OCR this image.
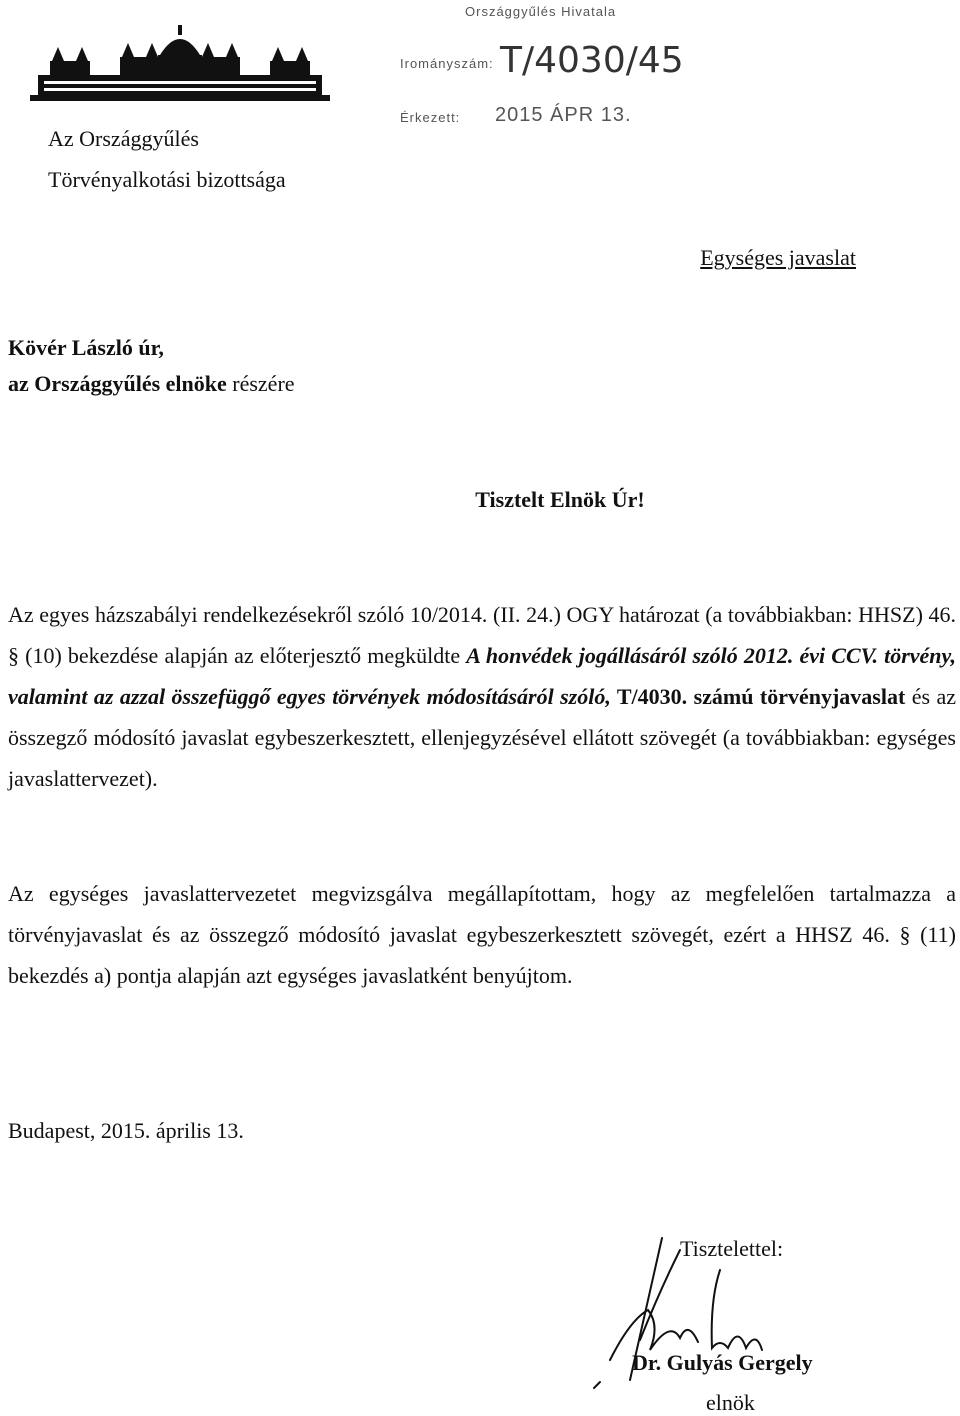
Az Országgyűlés
Törvényalkotási bizottsága
Országgyűlés Hivatala
Irományszám: T/4030/45
Érkezett: 2015 ÁPR 13.
Egységes javaslat
Kövér László úr,
az Országgyűlés elnöke részére
Tisztelt Elnök Úr!
Az egyes házszabályi rendelkezésekről szóló 10/2014. (II. 24.) OGY határozat (a továbbiakban: HHSZ) 46. § (10) bekezdése alapján az előterjesztő megküldte A honvédek jogállásáról szóló 2012. évi CCV. törvény, valamint az azzal összefüggő egyes törvények módosításáról szóló, T/4030. számú törvényjavaslat és az összegző módosító javaslat egybeszerkesztett, ellenjegyzésével ellátott szövegét (a továbbiakban: egységes javaslattervezet).
Az egységes javaslattervezetet megvizsgálva megállapítottam, hogy az megfelelően tartalmazza a törvényjavaslat és az összegző módosító javaslat egybeszerkesztett szövegét, ezért a HHSZ 46. § (11) bekezdés a) pontja alapján azt egységes javaslatként benyújtom.
Budapest, 2015. április 13.
Tisztelettel:
Dr. Gulyás Gergely
elnök
